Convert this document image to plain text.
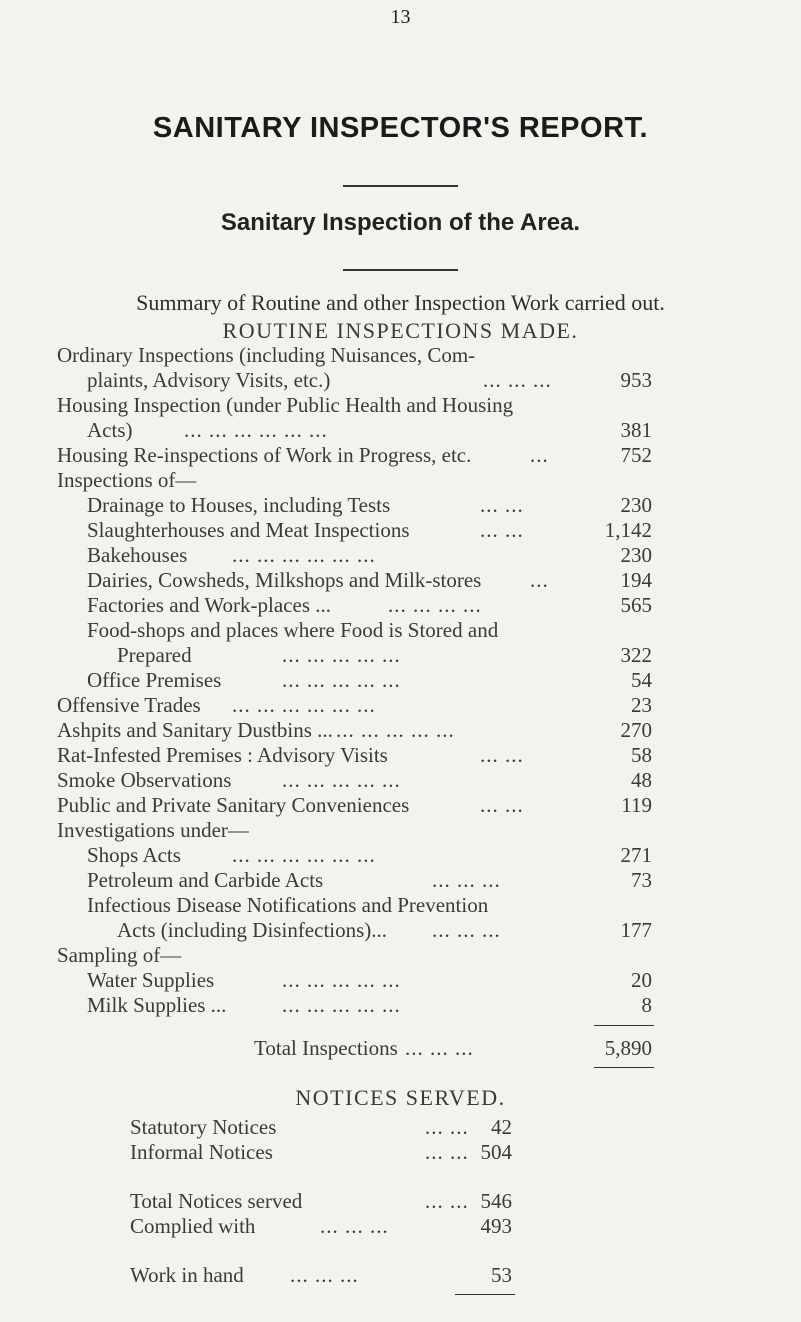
13
SANITARY INSPECTOR'S REPORT.
Sanitary Inspection of the Area.
Summary of Routine and other Inspection Work carried out.
ROUTINE INSPECTIONS MADE.
Ordinary Inspections (including Nuisances, Com-
plaints, Advisory Visits, etc.)	... ... ...	953
Housing Inspection (under Public Health and Housing
Acts) ... ... ... ... ... ...	381
Housing Re-inspections of Work in Progress, etc.	...	752
Inspections of—
Drainage to Houses, including Tests	... ...	230
Slaughterhouses and Meat Inspections	... ...	1,142
Bakehouses ... ... ... ... ... ...	230
Dairies, Cowsheds, Milkshops and Milk-stores ...	194
Factories and Work-places ...	... ... ... ...	565
Food-shops and places where Food is Stored and
Prepared	... ... ... ... ...	322
Office Premises	... ... ... ... ...	54
Offensive Trades ... ... ... ... ... ...	23
Ashpits and Sanitary Dustbins ... ... ... ... ... ...	270
Rat-Infested Premises : Advisory Visits	... ...	58
Smoke Observations ... ... ... ... ...	48
Public and Private Sanitary Conveniences	... ...	119
Investigations under—
Shops Acts ... ... ... ... ... ...	271
Petroleum and Carbide Acts	... ... ...	73
Infectious Disease Notifications and Prevention
Acts (including Disinfections)... ... ... ...	177
Sampling of—
Water Supplies	... ... ... ... ...	20
Milk Supplies ...	... ... ... ... ...	8
Total Inspections ... ... ...	5,890
NOTICES SERVED.
Statutory Notices	... ...	42
Informal Notices	... ... 504
Total Notices served	... ... 546
Complied with	... ... ...	493
Work in hand ... ... ...	53
